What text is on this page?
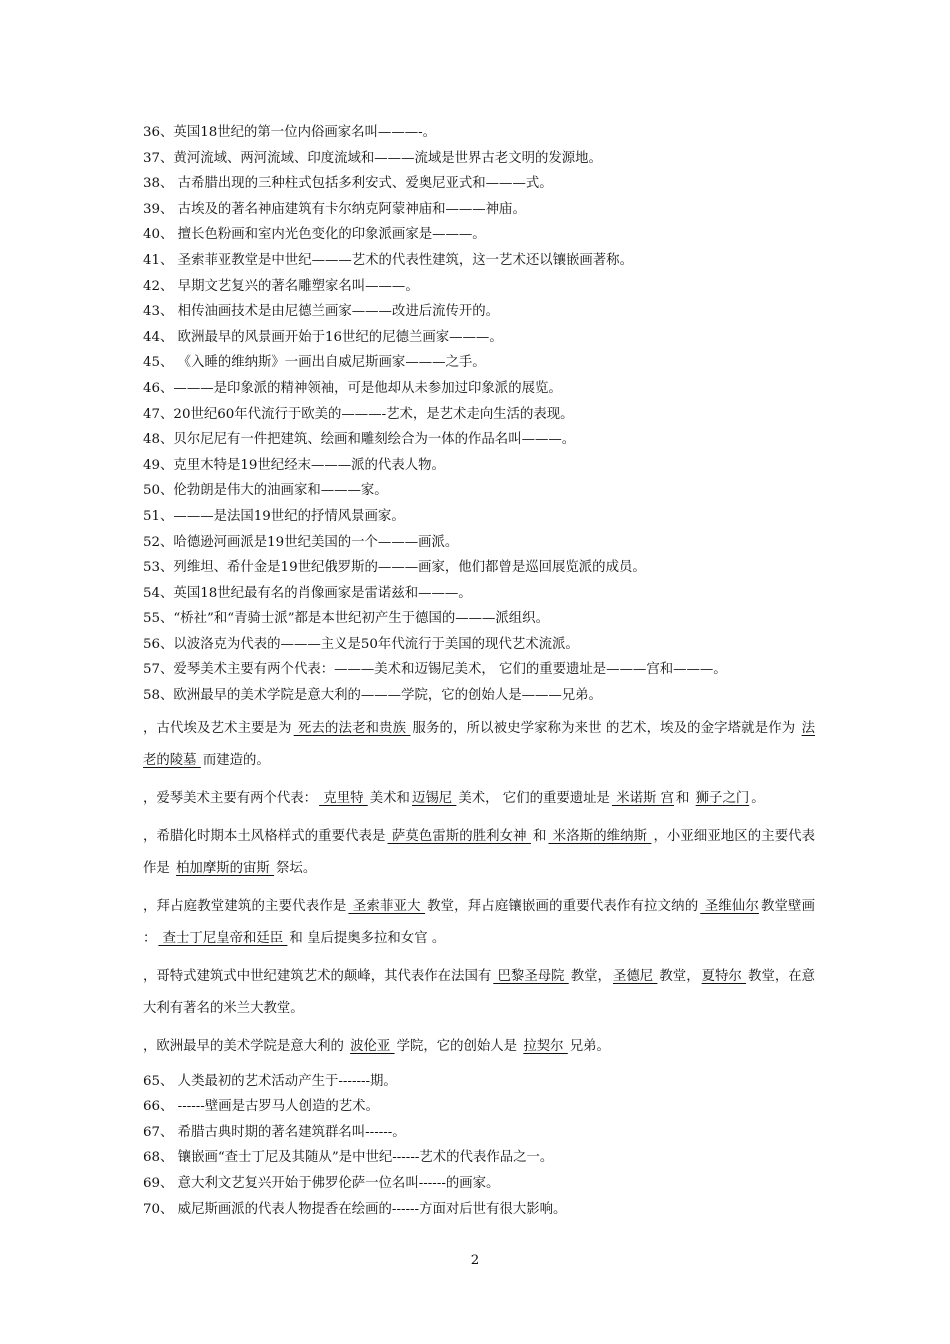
36、英国18世纪的第一位内俗画家名叫———-。
37、黄河流域、两河流域、印度流域和———流域是世界古老文明的发源地。
38、 古希腊出现的三种柱式包括多利安式、爱奥尼亚式和———式。
39、 古埃及的著名神庙建筑有卡尔纳克阿蒙神庙和———神庙。
40、 擅长色粉画和室内光色变化的印象派画家是———。
41、 圣索菲亚教堂是中世纪———艺术的代表性建筑，这一艺术还以镶嵌画著称。
42、 早期文艺复兴的著名雕塑家名叫———。
43、 相传油画技术是由尼德兰画家———改进后流传开的。
44、 欧洲最早的风景画开始于16世纪的尼德兰画家———。
45、 《入睡的维纳斯》一画出自威尼斯画家———之手。
46、———是印象派的精神领袖，可是他却从未参加过印象派的展览。
47、20世纪60年代流行于欧美的———-艺术，是艺术走向生活的表现。
48、贝尔尼尼有一件把建筑、绘画和雕刻绘合为一体的作品名叫———。
49、克里木特是19世纪经末———派的代表人物。
50、伦勃朗是伟大的油画家和———家。
51、———是法国19世纪的抒情风景画家。
52、哈德逊河画派是19世纪美国的一个———画派。
53、列维坦、希什金是19世纪俄罗斯的———画家，他们都曾是巡回展览派的成员。
54、英国18世纪最有名的肖像画家是雷诺兹和———。
55、“桥社”和“青骑士派”都是本世纪初产生于德国的———派组织。
56、以波洛克为代表的———主义是50年代流行于美国的现代艺术流派。
57、爱琴美术主要有两个代表：———美术和迈锡尼美术， 它们的重要遗址是———宫和———。
58、欧洲最早的美术学院是意大利的———学院，它的创始人是———兄弟。
，古代埃及艺术主要是为 死去的法老和贵族 服务的，所以被史学家称为来世 的艺术，埃及的金字塔就是作为 法老的陵墓 而建造的。
，爱琴美术主要有两个代表： 克里特 美术和 迈锡尼 美术， 它们的重要遗址是 米诺斯 宫 和 狮子之门 。
，希腊化时期本土风格样式的重要代表是 萨莫色雷斯的胜利女神 和 米洛斯的维纳斯 ，小亚细亚地区的主要代表作是 柏加摩斯的宙斯 祭坛。
，拜占庭教堂建筑的主要代表作是 圣索菲亚大 教堂，拜占庭镶嵌画的重要代表作有拉文纳的 圣维仙尔 教堂壁画 ： 查士丁尼皇帝和廷臣 和 皇后提奥多拉和女官 。
，哥特式建筑式中世纪建筑艺术的颠峰，其代表作在法国有 巴黎圣母院 教堂， 圣德尼 教堂， 夏特尔 教堂，在意大利有著名的米兰大教堂。
，欧洲最早的美术学院是意大利的 波伦亚 学院，它的创始人是 拉契尔 兄弟。
65、 人类最初的艺术活动产生于-------期。
66、 ------壁画是古罗马人创造的艺术。
67、 希腊古典时期的著名建筑群名叫------。
68、 镶嵌画“查士丁尼及其随从”是中世纪------艺术的代表作品之一。
69、 意大利文艺复兴开始于佛罗伦萨一位名叫------的画家。
70、 威尼斯画派的代表人物提香在绘画的------方面对后世有很大影响。
2
